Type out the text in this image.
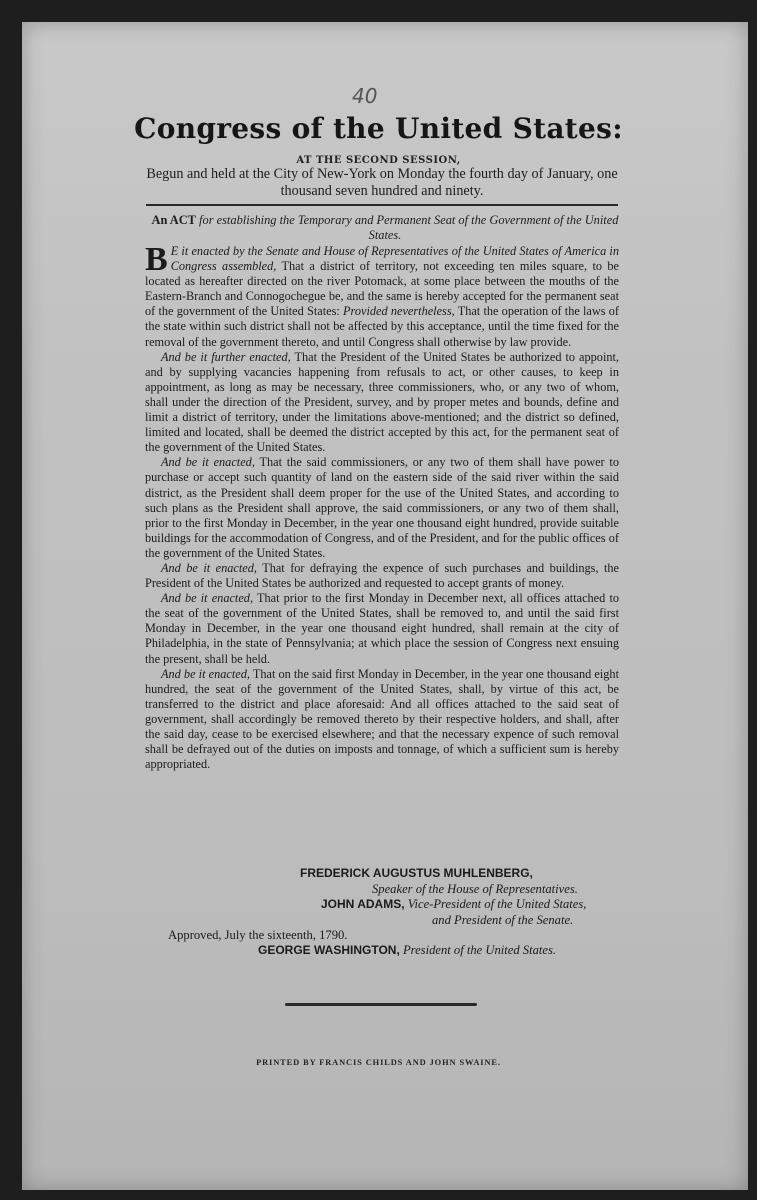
40
Congress of the United States:
AT THE SECOND SESSION,
Begun and held at the City of New-York on Monday the fourth day of January, one thousand seven hundred and ninety.
An ACT for establishing the Temporary and Permanent Seat of the Government of the United States.

B E it enacted by the Senate and House of Representatives of the United States of America in Congress assembled, That a district of territory, not exceeding ten miles square, to be located as hereafter directed on the river Potomack, at some place between the mouths of the Eastern-Branch and Connogochegue be, and the same is hereby accepted for the permanent seat of the government of the United States: Provided nevertheless, That the operation of the laws of the state within such district shall not be affected by this acceptance, until the time fixed for the removal of the government thereto, and until Congress shall otherwise by law provide.

And be it further enacted, That the President of the United States be authorized to appoint, and by supplying vacancies happening from refusals to act, or other causes, to keep in appointment, as long as may be necessary, three commissioners, who, or any two of whom, shall under the direction of the President, survey, and by proper metes and bounds, define and limit a district of territory, under the limitations above-mentioned; and the district so defined, limited and located, shall be deemed the district accepted by this act, for the permanent seat of the government of the United States.

And be it enacted, That the said commissioners, or any two of them shall have power to purchase or accept such quantity of land on the eastern side of the said river within the said district, as the President shall deem proper for the use of the United States, and according to such plans as the President shall approve, the said commissioners, or any two of them shall, prior to the first Monday in December, in the year one thousand eight hundred, provide suitable buildings for the accommodation of Congress, and of the President, and for the public offices of the government of the United States.

And be it enacted, That for defraying the expence of such purchases and buildings, the President of the United States be authorized and requested to accept grants of money.

And be it enacted, That prior to the first Monday in December next, all offices attached to the seat of the government of the United States, shall be removed to, and until the said first Monday in December, in the year one thousand eight hundred, shall remain at the city of Philadelphia, in the state of Pennsylvania; at which place the session of Congress next ensuing the present, shall be held.

And be it enacted, That on the said first Monday in December, in the year one thousand eight hundred, the seat of the government of the United States, shall, by virtue of this act, be transferred to the district and place aforesaid: And all offices attached to the said seat of government, shall accordingly be removed thereto by their respective holders, and shall, after the said day, cease to be exercised elsewhere; and that the necessary expence of such removal shall be defrayed out of the duties on imposts and tonnage, of which a sufficient sum is hereby appropriated.

FREDERICK AUGUSTUS MUHLENBERG,
Speaker of the House of Representatives.
JOHN ADAMS, Vice-President of the United States,
and President of the Senate.
Approved, July the sixteenth, 1790.
GEORGE WASHINGTON, President of the United States.
PRINTED BY FRANCIS CHILDS AND JOHN SWAINE.
